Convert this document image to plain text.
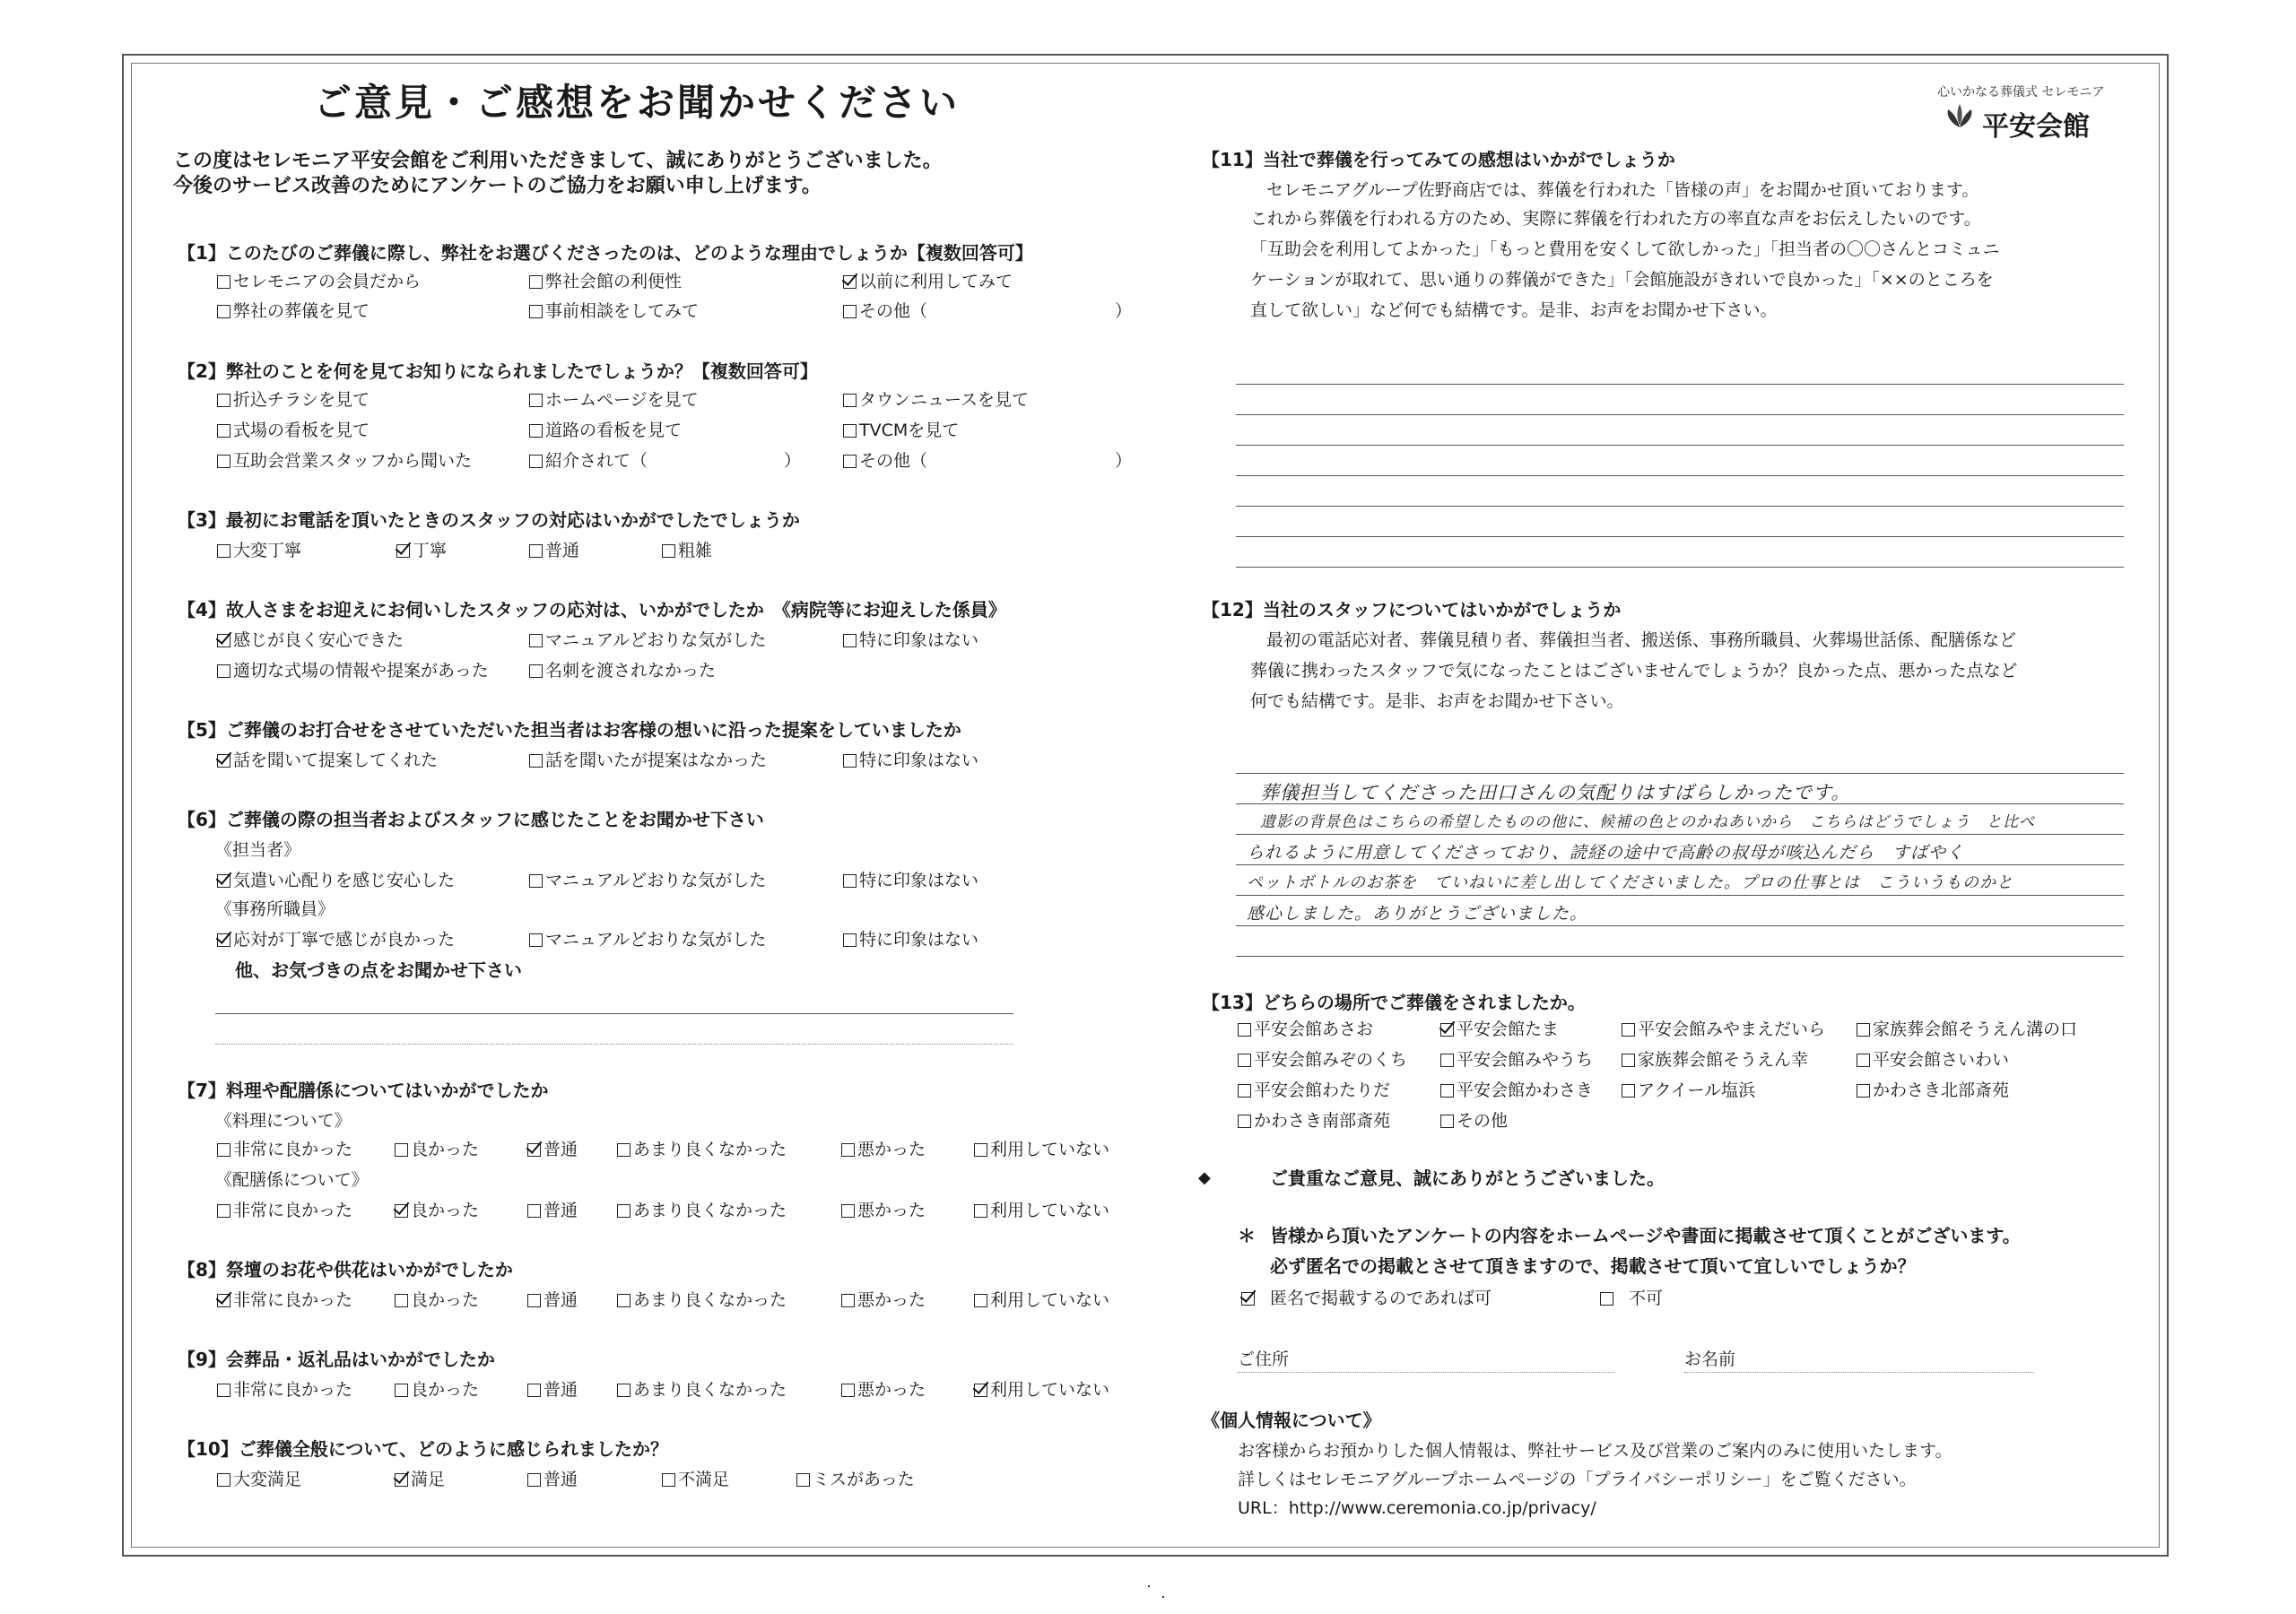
ご意見・ご感想をお聞かせください	心いかなる葬儀式 セレモニア
平安会館
この度はセレモニア平安会館をご利用いただきまして、誠にありがとうございました。
今後のサービス改善のためにアンケートのご協力をお願い申し上げます。
【1】このたびのご葬儀に際し、弊社をお選びくださったのは、どのような理由でしょうか【複数回答可】
セレモニアの会員だから	弊社会館の利便性	以前に利用してみて
弊社の葬儀を見て	事前相談をしてみて	その他（　　　　　　　　　　　）
【2】弊社のことを何を見てお知りになられましたでしょうか？【複数回答可】
折込チラシを見て	ホームページを見て	タウンニュースを見て
式場の看板を見て	道路の看板を見て	TVCMを見て
互助会営業スタッフから聞いた	紹介されて（　　　　　　　　）	その他（　　　　　　　　　　　）
【3】最初にお電話を頂いたときのスタッフの対応はいかがでしたでしょうか
大変丁寧	丁寧	普通	粗雑
【4】故人さまをお迎えにお伺いしたスタッフの応対は、いかがでしたか　《病院等にお迎えした係員》
感じが良く安心できた	マニュアルどおりな気がした	特に印象はない
適切な式場の情報や提案があった	名刺を渡されなかった
【5】ご葬儀のお打合せをさせていただいた担当者はお客様の想いに沿った提案をしていましたか
話を聞いて提案してくれた	話を聞いたが提案はなかった	特に印象はない
【6】ご葬儀の際の担当者およびスタッフに感じたことをお聞かせ下さい
《担当者》
気遣い心配りを感じ安心した	マニュアルどおりな気がした	特に印象はない
《事務所職員》
応対が丁寧で感じが良かった	マニュアルどおりな気がした	特に印象はない
他、お気づきの点をお聞かせ下さい
【7】料理や配膳係についてはいかがでしたか
《料理について》
非常に良かった	良かった	普通	あまり良くなかった	悪かった	利用していない
《配膳係について》
非常に良かった	良かった	普通	あまり良くなかった	悪かった	利用していない
【8】祭壇のお花や供花はいかがでしたか
非常に良かった	良かった	普通	あまり良くなかった	悪かった	利用していない
【9】会葬品・返礼品はいかがでしたか
非常に良かった	良かった	普通	あまり良くなかった	悪かった	利用していない
【10】ご葬儀全般について、どのように感じられましたか？
大変満足	満足	普通	不満足	ミスがあった
【11】当社で葬儀を行ってみての感想はいかがでしょうか
セレモニアグループ佐野商店では、葬儀を行われた「皆様の声」をお聞かせ頂いております。
これから葬儀を行われる方のため、実際に葬儀を行われた方の率直な声をお伝えしたいのです。
「互助会を利用してよかった」「もっと費用を安くして欲しかった」「担当者の〇〇さんとコミュニ
ケーションが取れて、思い通りの葬儀ができた」「会館施設がきれいで良かった」「××のところを
直して欲しい」など何でも結構です。是非、お声をお聞かせ下さい。
【12】当社のスタッフについてはいかがでしょうか
最初の電話応対者、葬儀見積り者、葬儀担当者、搬送係、事務所職員、火葬場世話係、配膳係など
葬儀に携わったスタッフで気になったことはございませんでしょうか？良かった点、悪かった点など
何でも結構です。是非、お声をお聞かせ下さい。
葬儀担当してくださった田口さんの気配りはすばらしかったです。
遺影の背景色はこちらの希望したものの他に、候補の色とのかねあいから　こちらはどうでしょう　と比べ
られるように用意してくださっており、読経の途中で高齢の叔母が咳込んだら　すばやく
ペットボトルのお茶を　ていねいに差し出してくださいました。プロの仕事とは　こういうものかと
感心しました。ありがとうございました。
【13】どちらの場所でご葬儀をされましたか。
平安会館あさお	平安会館たま	平安会館みやまえだいら	家族葬会館そうえん溝の口
平安会館みぞのくち	平安会館みやうち	家族葬会館そうえん幸	平安会館さいわい
平安会館わたりだ	平安会館かわさき	アクイール塩浜	かわさき北部斎苑
かわさき南部斎苑	その他
◆	ご貴重なご意見、誠にありがとうございました。
＊ 皆様から頂いたアンケートの内容をホームページや書面に掲載させて頂くことがございます。
必ず匿名での掲載とさせて頂きますので、掲載させて頂いて宜しいでしょうか？
匿名で掲載するのであれば可	不可
ご住所	お名前
《個人情報について》
お客様からお預かりした個人情報は、弊社サービス及び営業のご案内のみに使用いたします。
詳しくはセレモニアグループホームページの「プライバシーポリシー」をご覧ください。
URL：http://www.ceremonia.co.jp/privacy/
